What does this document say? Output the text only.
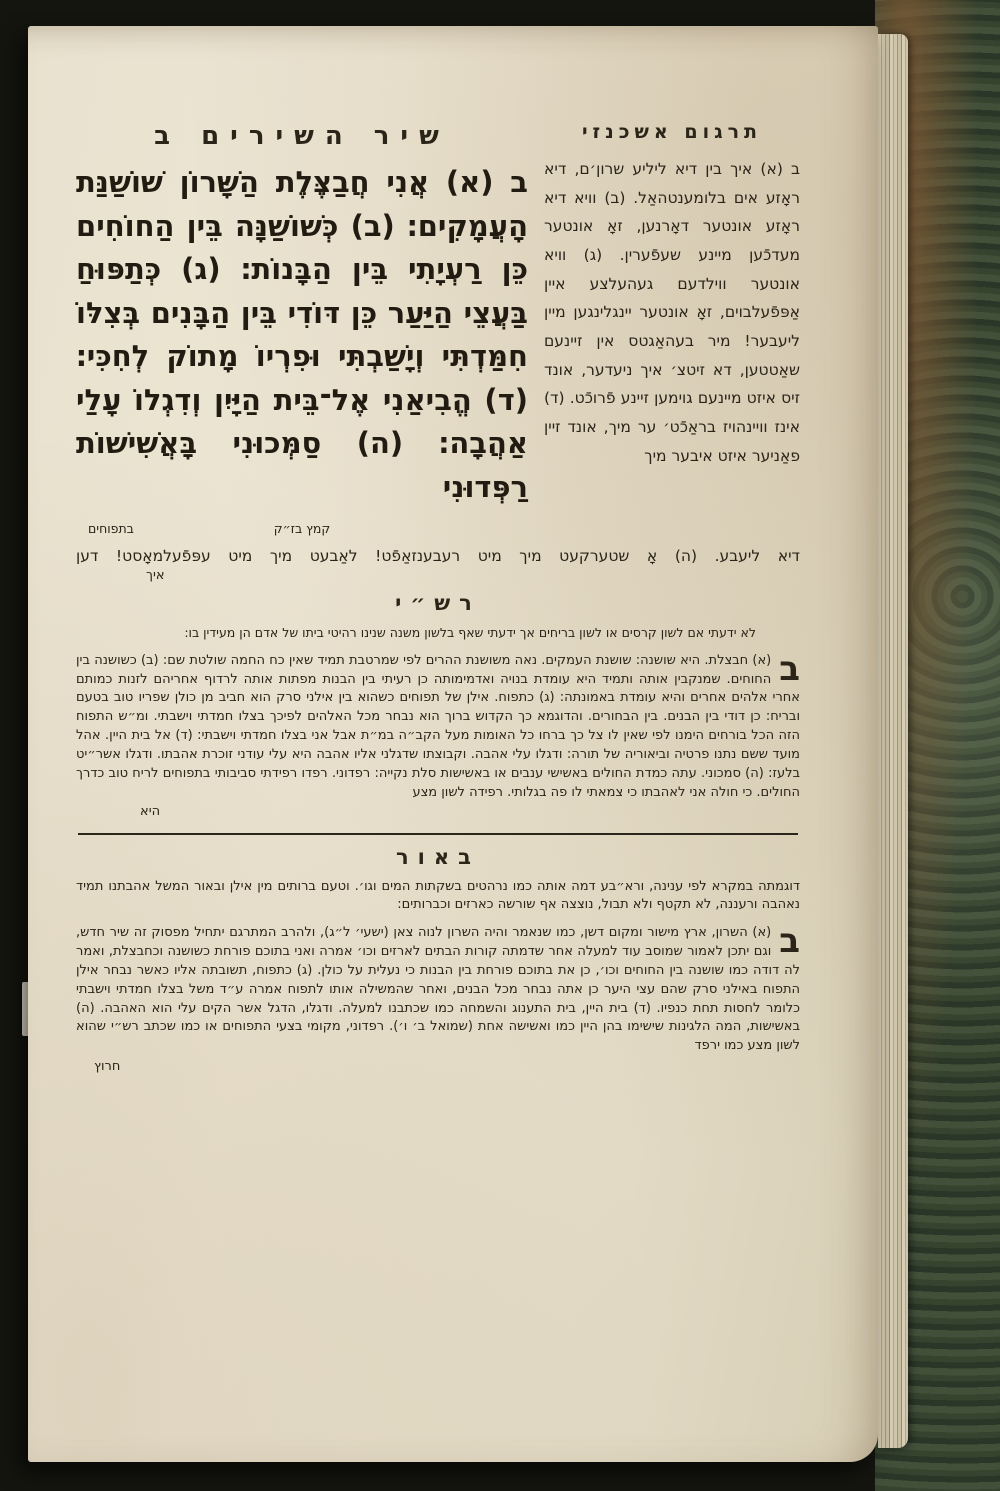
תרגום אשכנזי
ב (א) איך בין דיא ליליע שרון׳ם, דיא ראָזע אים בלומענטהאַל. (ב) וויא דיא ראָזע אונטער דאָרנען, זאָ אונטער מעדכֿען מיינע שעפֿערין. (ג) וויא אונטער ווילדעם געהעלצע איין אַפּפֿעלבוים, זאָ אונטער יינגלינגען מיין ליעבער! מיר בעהאַגטס אין זיינעם שאַטטען, דא זיטצ׳ איך ניעדער, אונד זיס איזט מיינעם גוימען זיינע פֿרוכֿט. (ד) אינז וויינהויז בראַכֿט׳ ער מיך, אונד זיין פאַניער איזט איבער מיך
שיר השירים ב
ב (א) אֲנִי חֲבַצֶּלֶת הַשָּׁרוֹן שׁוֹשַׁנַּת הָעֲמָקִים׃ (ב) כְּשׁוֹשַׁנָּה בֵּין הַחוֹחִים כֵּן רַעְיָתִי בֵּין הַבָּנוֹת׃ (ג) כְּתַפּוּחַ בַּעֲצֵי הַיַּעַר כֵּן דּוֹדִי בֵּין הַבָּנִים בְּצִלּוֹ חִמַּדְתִּי וְיָשַׁבְתִּי וּפִרְיוֹ מָתוֹק לְחִכִּי׃ (ד) הֱבִיאַנִי אֶל־בֵּית הַיָּיִן וְדִגְלוֹ עָלַי אַהֲבָה׃ (ה) סַמְּכוּנִי בָּאֲשִׁישׁוֹת רַפְּדוּנִי
קמץ בז״ק
בתפוחים
דיא ליעבע. (ה) אָ שטערקעט מיך מיט רעבענזאַפֿט! לאַבעט מיך מיט עפּפֿעלמאָסט! דען
איך
רש״י
לא ידעתי אם לשון קרסים או לשון בריחים אך ידעתי שאף בלשון משנה שנינו רהיטי ביתו של אדם הן מעידין בו:
ב
(א) חבצלת. היא שושנה: שושנת העמקים. נאה משושנת ההרים לפי שמרטבת תמיד שאין כח החמה שולטת שם: (ב) כשושנה בין החוחים. שמנקבין אותה ותמיד היא עומדת בנויה ואדמימותה כן רעיתי בין הבנות מפתות אותה לרדוף אחריהם לזנות כמותם אחרי אלהים אחרים והיא עומדת באמונתה: (ג) כתפוח. אילן של תפוחים כשהוא בין אילני סרק הוא חביב מן כולן שפריו טוב בטעם ובריח: כן דודי בין הבנים. בין הבחורים. והדוגמא כך הקדוש ברוך הוא נבחר מכל האלהים לפיכך בצלו חמדתי וישבתי. ומ״ש התפוח הזה הכל בורחים הימנו לפי שאין לו צל כך ברחו כל האומות מעל הקב״ה במ״ת אבל אני בצלו חמדתי וישבתי: (ד) אל בית היין. אהל מועד ששם נתנו פרטיה וביאוריה של תורה: ודגלו עלי אהבה. וקבוצתו שדגלני אליו אהבה היא עלי עודני זוכרת אהבתו. ודגלו אשר״יט בלעז: (ה) סמכוני. עתה כמדת החולים באשישי ענבים או באשישות סלת נקייה: רפדוני. רפדו רפידתי סביבותי בתפוחים לריח טוב כדרך החולים. כי חולה אני לאהבתו כי צמאתי לו פה בגלותי. רפידה לשון מצע
היא
באור
דוגמתה במקרא לפי ענינה, ורא״בע דמה אותה כמו נרהטים בשקתות המים וגו׳. וטעם ברותים מין אילן ובאור המשל אהבתנו תמיד נאהבה ורעננה, לא תקטף ולא תבול, נוצצה אף שורשה כארזים וכברותים:
ב
(א) השרון, ארץ מישור ומקום דשן, כמו שנאמר והיה השרון לנוה צאן (ישעי׳ ל״ג), ולהרב המתרגם יתחיל מפסוק זה שיר חדש, וגם יתכן לאמור שמוסב עוד למעלה אחר שדמתה קורות הבתים לארזים וכו׳ אמרה ואני בתוכם פורחת כשושנה וכחבצלת, ואמר לה דודה כמו שושנה בין החוחים וכו׳, כן את בתוכם פורחת בין הבנות כי נעלית על כולן. (ג) כתפוח, תשובתה אליו כאשר נבחר אילן התפוח באילני סרק שהם עצי היער כן אתה נבחר מכל הבנים, ואחר שהמשילה אותו לתפוח אמרה ע״ד משל בצלו חמדתי וישבתי כלומר לחסות תחת כנפיו. (ד) בית היין, בית התענוג והשמחה כמו שכתבנו למעלה. ודגלו, הדגל אשר הקים עלי הוא האהבה. (ה) באשישות, המה הלגינות שישימו בהן היין כמו ואשישה אחת (שמואל ב׳ ו׳). רפדוני, מקומי בצעי התפוחים או כמו שכתב רש״י שהוא לשון מצע כמו ירפד
חרוץ
